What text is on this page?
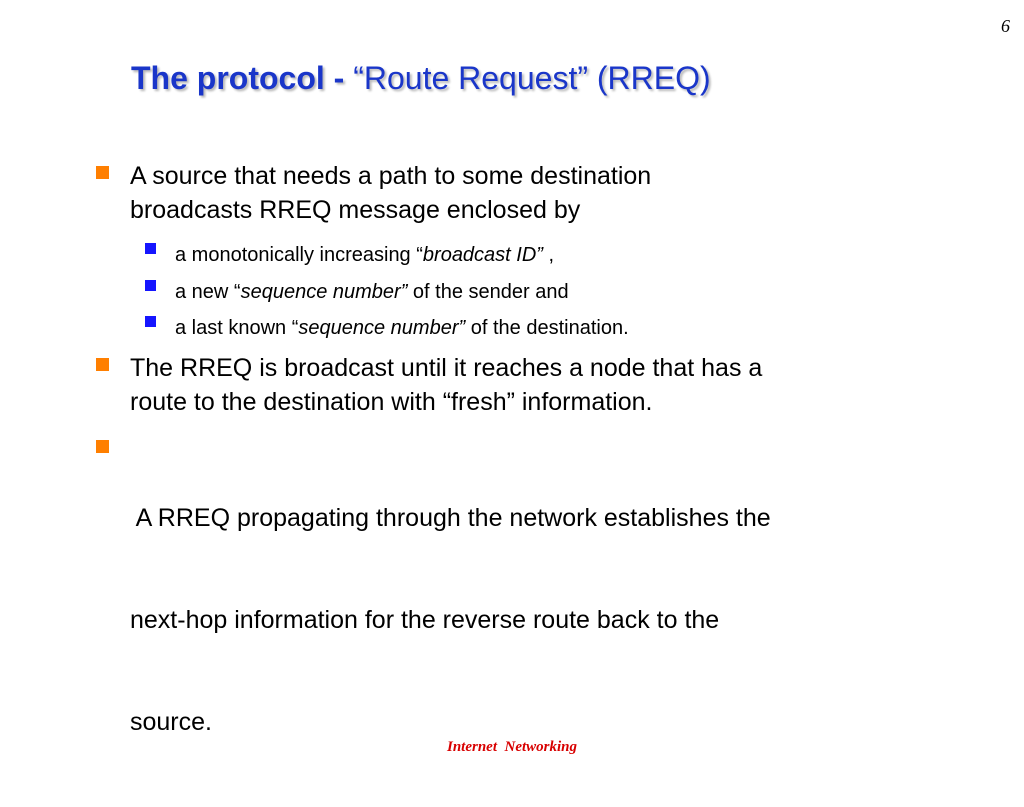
6
The protocol - “Route Request” (RREQ)
A source that needs a path to some destination
broadcasts RREQ message enclosed by
a monotonically increasing “broadcast ID” ,
a new “sequence number” of the sender and
a last known “sequence number” of the destination.
The RREQ is broadcast until it reaches a node that has a
route to the destination with “fresh” information.

A RREQ propagating through the network establishes the

next-hop information for the reverse route back to the

source.

Internet  Networking
